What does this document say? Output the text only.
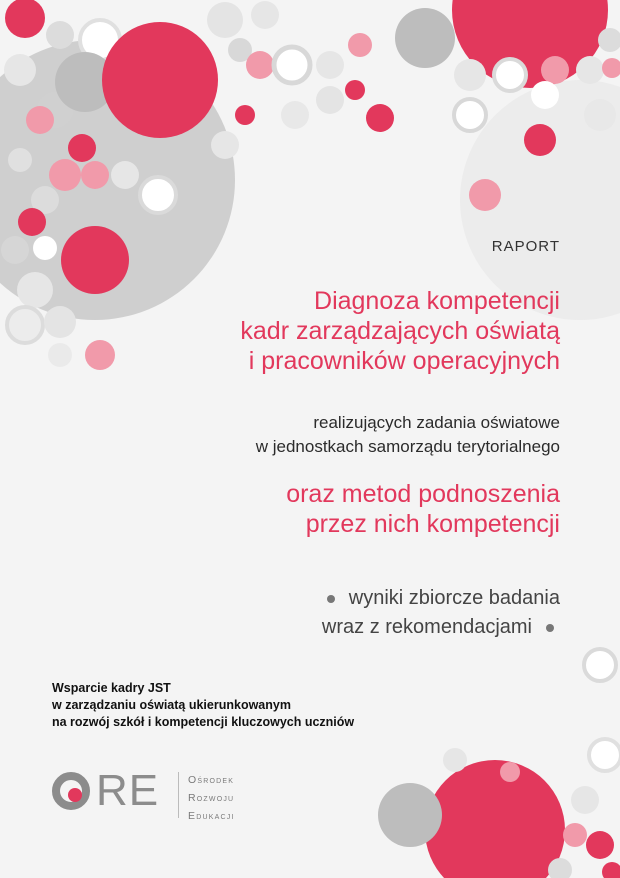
RAPORT
Diagnoza kompetencji
kadr zarządzających oświatą
i pracowników operacyjnych
realizujących zadania oświatowe
w jednostkach samorządu terytorialnego
oraz metod podnoszenia
przez nich kompetencji
wyniki zbiorcze badania
wraz z rekomendacjami
Wsparcie kadry JST
w zarządzaniu oświatą ukierunkowanym
na rozwój szkół i kompetencji kluczowych uczniów
RE	Ośrodek
Rozwoju
Edukacji
